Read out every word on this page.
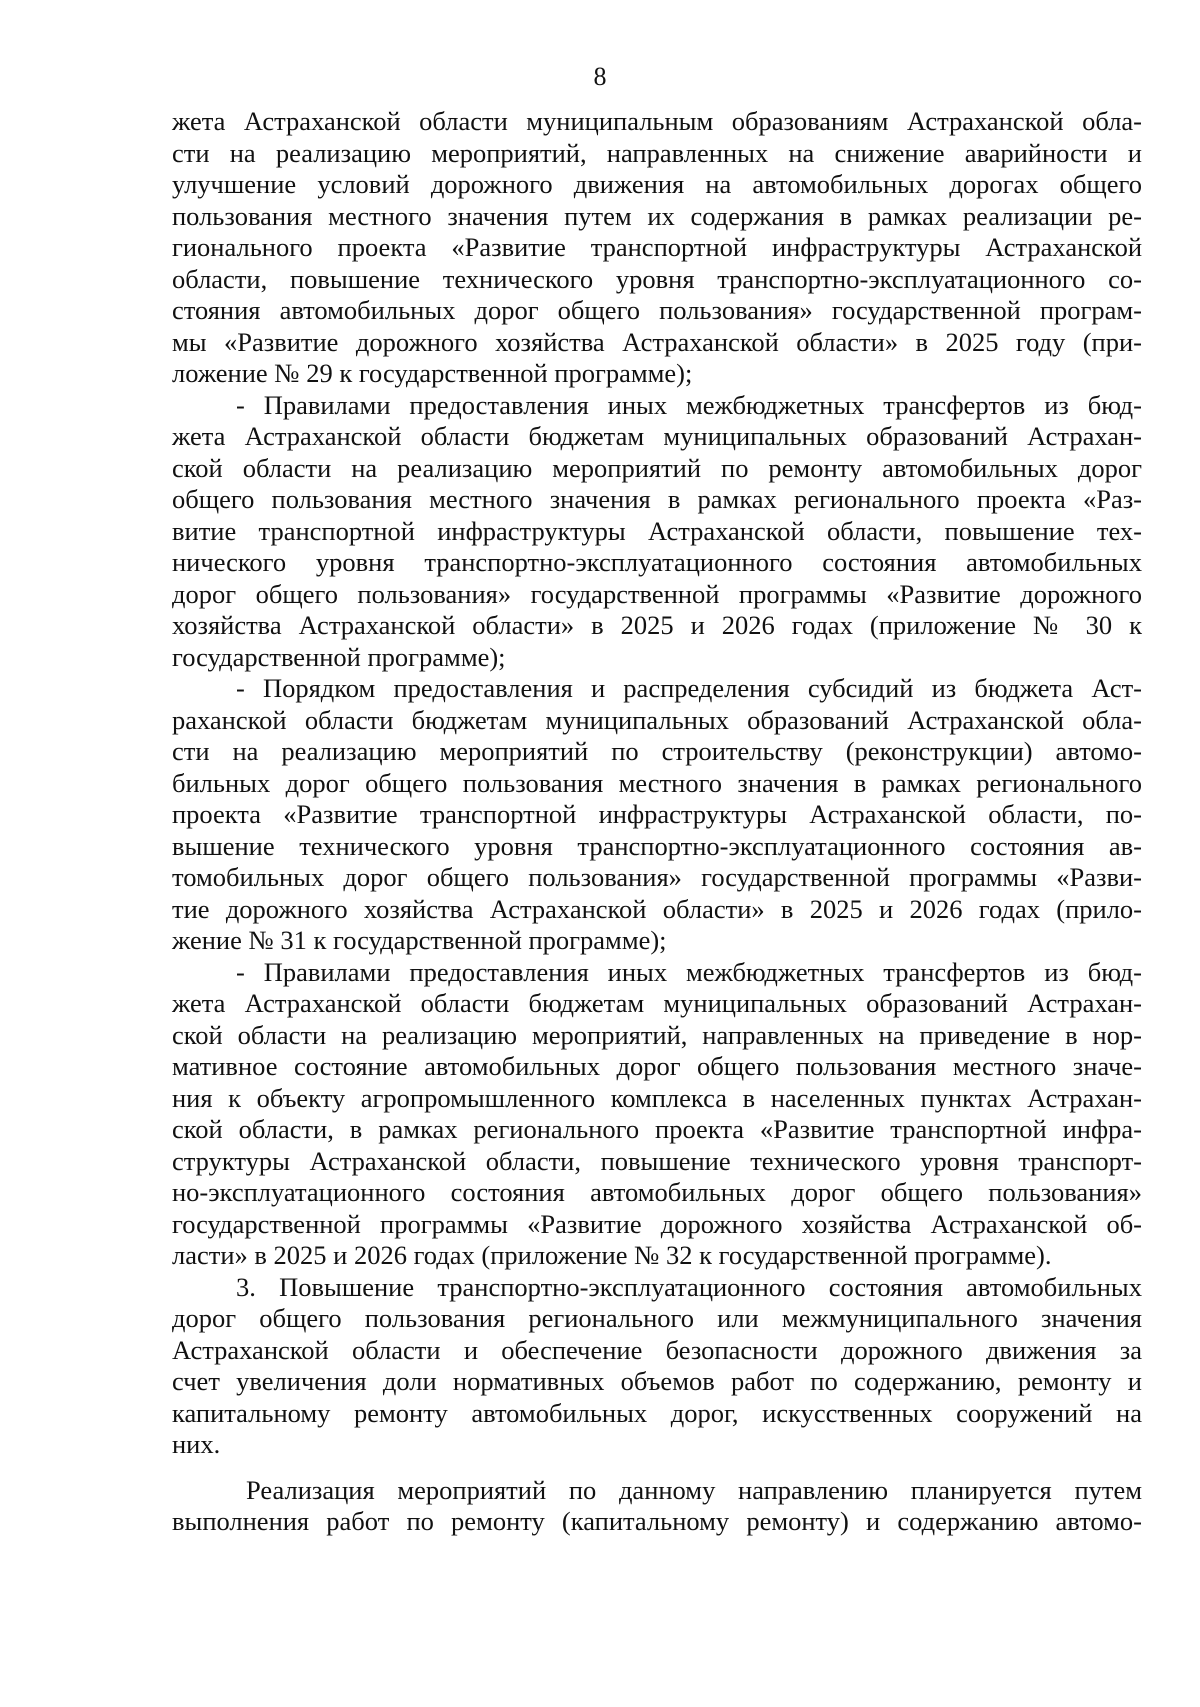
8
жета Астраханской области муниципальным образованиям Астраханской обла-
сти на реализацию мероприятий, направленных на снижение аварийности и
улучшение условий дорожного движения на автомобильных дорогах общего
пользования местного значения путем их содержания в рамках реализации ре-
гионального проекта «Развитие транспортной инфраструктуры Астраханской
области, повышение технического уровня транспортно-эксплуатационного со-
стояния автомобильных дорог общего пользования» государственной програм-
мы «Развитие дорожного хозяйства Астраханской области» в 2025 году (при-
ложение № 29 к государственной программе);
- Правилами предоставления иных межбюджетных трансфертов из бюд-
жета Астраханской области бюджетам муниципальных образований Астрахан-
ской области на реализацию мероприятий по ремонту автомобильных дорог
общего пользования местного значения в рамках регионального проекта «Раз-
витие транспортной инфраструктуры Астраханской области, повышение тех-
нического уровня транспортно-эксплуатационного состояния автомобильных
дорог общего пользования» государственной программы «Развитие дорожного
хозяйства Астраханской области» в 2025 и 2026 годах (приложение № 30 к
государственной программе);
- Порядком предоставления и распределения субсидий из бюджета Аст-
раханской области бюджетам муниципальных образований Астраханской обла-
сти на реализацию мероприятий по строительству (реконструкции) автомо-
бильных дорог общего пользования местного значения в рамках регионального
проекта «Развитие транспортной инфраструктуры Астраханской области, по-
вышение технического уровня транспортно-эксплуатационного состояния ав-
томобильных дорог общего пользования» государственной программы «Разви-
тие дорожного хозяйства Астраханской области» в 2025 и 2026 годах (прило-
жение № 31 к государственной программе);
- Правилами предоставления иных межбюджетных трансфертов из бюд-
жета Астраханской области бюджетам муниципальных образований Астрахан-
ской области на реализацию мероприятий, направленных на приведение в нор-
мативное состояние автомобильных дорог общего пользования местного значе-
ния к объекту агропромышленного комплекса в населенных пунктах Астрахан-
ской области, в рамках регионального проекта «Развитие транспортной инфра-
структуры Астраханской области, повышение технического уровня транспорт-
но-эксплуатационного состояния автомобильных дорог общего пользования»
государственной программы «Развитие дорожного хозяйства Астраханской об-
ласти» в 2025 и 2026 годах (приложение № 32 к государственной программе).
3. Повышение транспортно-эксплуатационного состояния автомобильных
дорог общего пользования регионального или межмуниципального значения
Астраханской области и обеспечение безопасности дорожного движения за
счет увеличения доли нормативных объемов работ по содержанию, ремонту и
капитальному ремонту автомобильных дорог, искусственных сооружений на
них.
Реализация мероприятий по данному направлению планируется путем
выполнения работ по ремонту (капитальному ремонту) и содержанию автомо-
